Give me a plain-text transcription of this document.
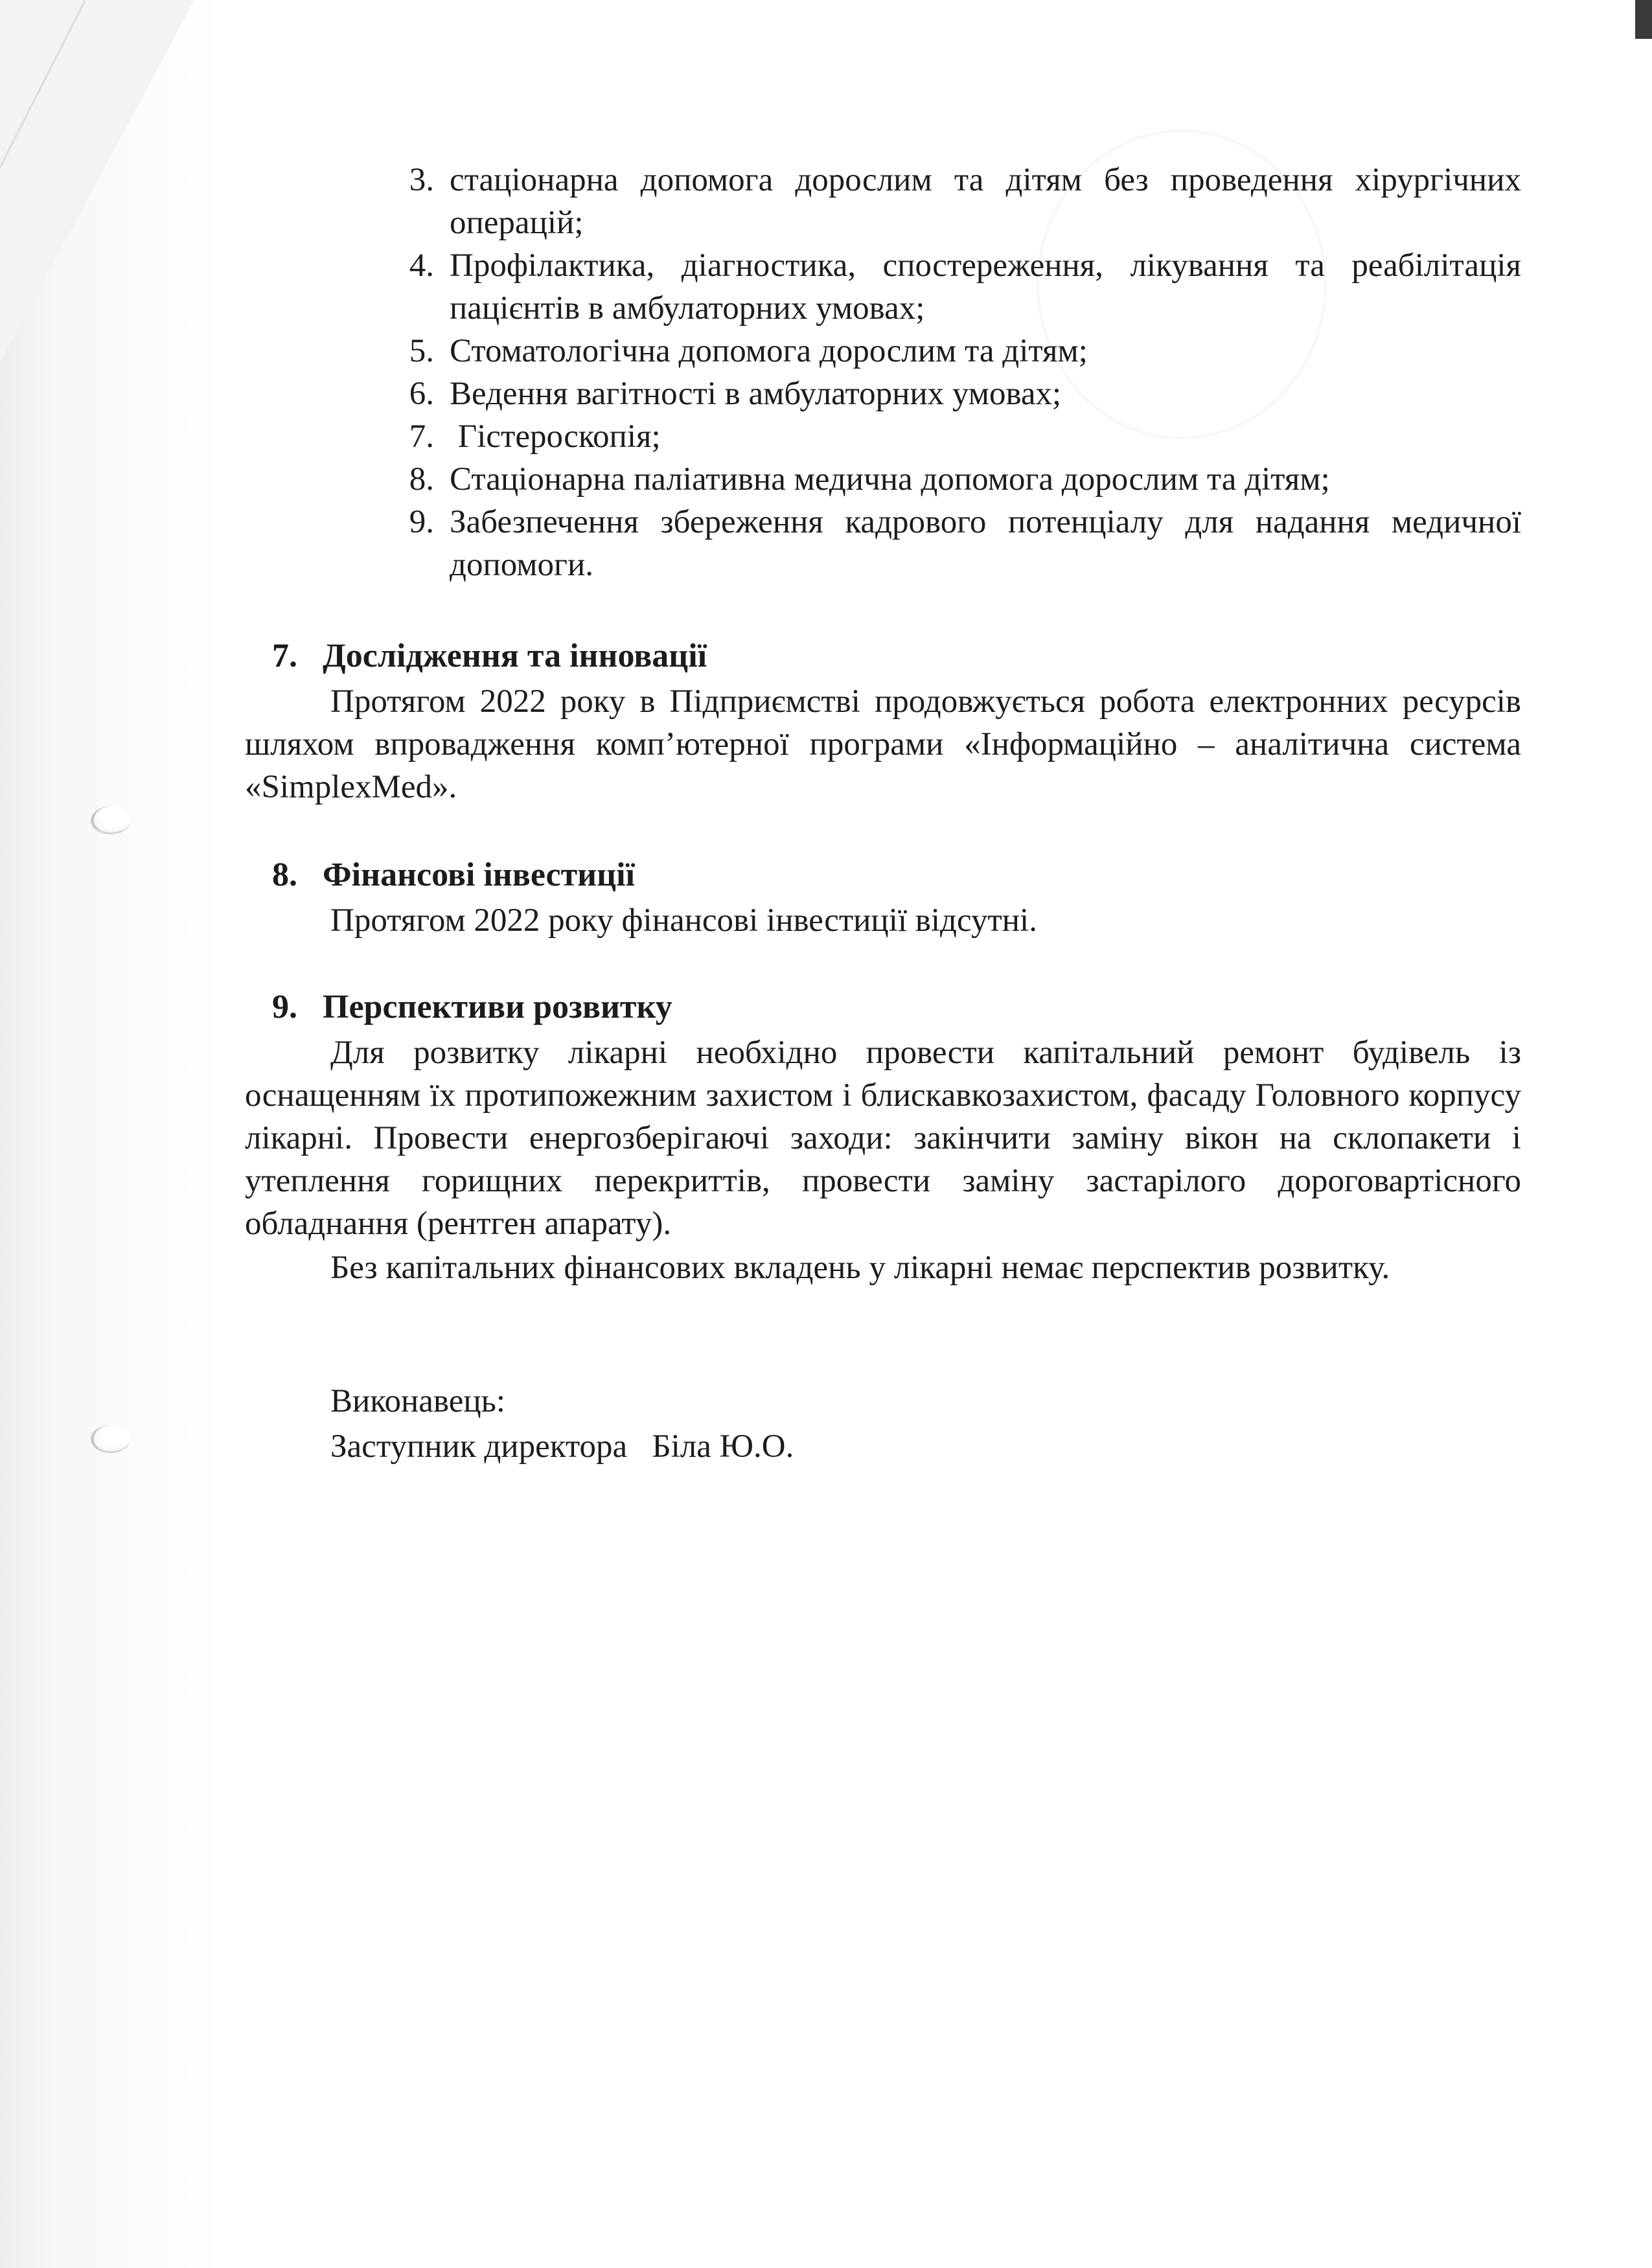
3. стаціонарна допомога дорослим та дітям без проведення хірургічних операцій;
4. Профілактика, діагностика, спостереження, лікування та реабілітація пацієнтів в амбулаторних умовах;
5. Стоматологічна допомога дорослим та дітям;
6. Ведення вагітності в амбулаторних умовах;
7. Гістероскопія;
8. Стаціонарна паліативна медична допомога дорослим та дітям;
9. Забезпечення збереження кадрового потенціалу для надання медичної допомоги.
7. Дослідження та інновації
Протягом 2022 року в Підприємстві продовжується робота електронних ресурсів шляхом впровадження комп’ютерної програми «Інформаційно – аналітична система «SimplexMed».
8. Фінансові інвестиції
Протягом 2022 року фінансові інвестиції відсутні.
9. Перспективи розвитку
Для розвитку лікарні необхідно провести капітальний ремонт будівель із оснащенням їх протипожежним захистом і блискавкозахистом, фасаду Головного корпусу лікарні. Провести енергозберігаючі заходи: закінчити заміну вікон на склопакети і утеплення горищних перекриттів, провести заміну застарілого дороговартісного обладнання (рентген апарату).
Без капітальних фінансових вкладень у лікарні немає перспектив розвитку.
Виконавець:
Заступник директора Біла Ю.О.
